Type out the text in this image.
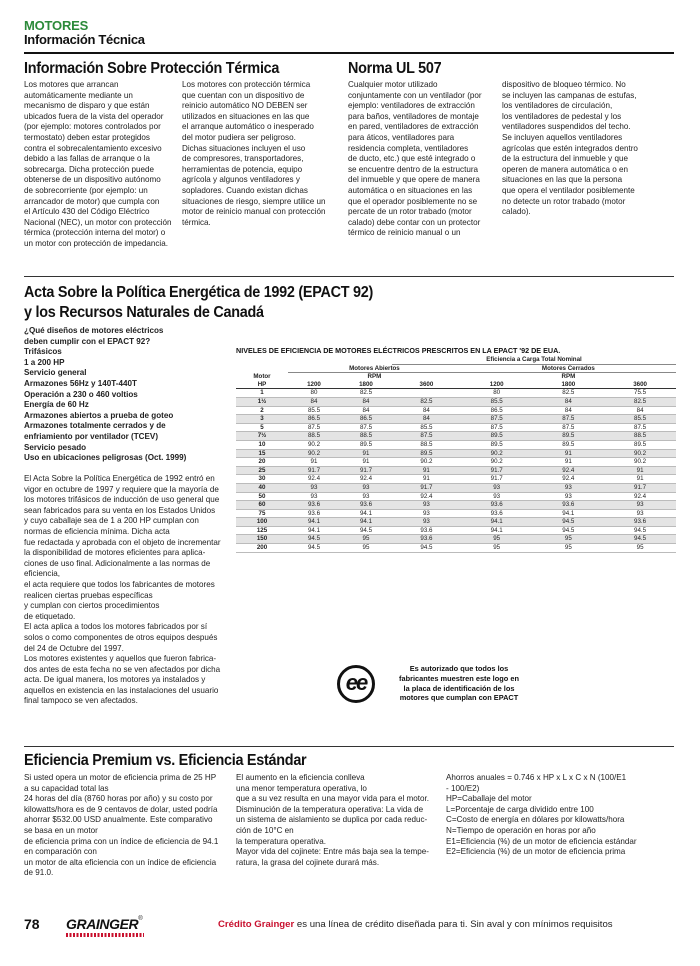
MOTORES
Información Técnica
Información Sobre Protección Térmica
Los motores que arrancan
automáticamente mediante un
mecanismo de disparo y que están
ubicados fuera de la vista del operador
(por ejemplo: motores controlados por
termostato) deben estar protegidos
contra el sobrecalentamiento excesivo
debido a las fallas de arranque o la
sobrecarga. Dicha protección puede
obtenerse de un dispositivo autónomo
de sobrecorriente (por ejemplo: un
arrancador de motor) que cumpla con
el Artículo 430 del Código Eléctrico
Nacional (NEC), un motor con protección
térmica (protección interna del motor) o
un motor con protección de impedancia.
Los motores con protección térmica
que cuentan con un dispositivo de
reinicio automático NO DEBEN ser
utilizados en situaciones en las que
el arranque automático o inesperado
del motor pudiera ser peligroso.
Dichas situaciones incluyen el uso
de compresores, transportadores,
herramientas de potencia, equipo
agrícola y algunos ventiladores y
sopladores. Cuando existan dichas
situaciones de riesgo, siempre utilice un
motor de reinicio manual con protección
térmica.
Norma UL 507
Cualquier motor utilizado
conjuntamente con un ventilador (por
ejemplo: ventiladores de extracción
para baños, ventiladores de montaje
en pared, ventiladores de extracción
para áticos, ventiladores para
residencia completa, ventiladores
de ducto, etc.) que esté integrado o
se encuentre dentro de la estructura
del inmueble y que opere de manera
automática o en situaciones en las
que el operador posiblemente no se
percate de un rotor trabado (motor
calado) debe contar con un protector
térmico de reinicio manual o un
dispositivo de bloqueo térmico. No
se incluyen las campanas de estufas,
los ventiladores de circulación,
los ventiladores de pedestal y los
ventiladores suspendidos del techo.
Se incluyen aquellos ventiladores
agrícolas que estén integrados dentro
de la estructura del inmueble y que
operen de manera automática o en
situaciones en las que la persona
que opera el ventilador posiblemente
no detecte un rotor trabado (motor
calado).
Acta Sobre la Política Energética de 1992 (EPACT 92)
y los Recursos Naturales de Canadá
¿Qué diseños de motores eléctricos
deben cumplir con el EPACT 92?
Trifásicos
1 a 200 HP
Servicio general
Armazones 56Hz y 140T-440T
Operación a 230 o 460 voltios
Energía de 60 Hz
Armazones abiertos a prueba de goteo
Armazones totalmente cerrados y de
enfriamiento por ventilador (TCEV)
Servicio pesado
Uso en ubicaciones peligrosas (Oct. 1999)
El Acta Sobre la Política Energética de 1992 entró en
vigor en octubre de 1997 y requiere que la mayoría de
los motores trifásicos de inducción de uso general que
sean fabricados para su venta en los Estados Unidos
y cuyo caballaje sea de 1 a 200 HP cumplan con
normas de eficiencia mínima. Dicha acta
fue redactada y aprobada con el objeto de incrementar
la disponibilidad de motores eficientes para aplica-
ciones de uso final. Adicionalmente a las normas de
eficiencia,
el acta requiere que todos los fabricantes de motores
realicen ciertas pruebas específicas
y cumplan con ciertos procedimientos
de etiquetado.
El acta aplica a todos los motores fabricados por sí
solos o como componentes de otros equipos después
del 24 de Octubre del 1997.
Los motores existentes y aquellos que fueron fabrica-
dos antes de esta fecha no se ven afectados por dicha
acta. De igual manera, los motores ya instalados y
aquellos en existencia en las instalaciones del usuario
final tampoco se ven afectados.
NIVELES DE EFICIENCIA DE MOTORES ELÉCTRICOS PRESCRITOS EN LA EPACT '92 DE EUA.
			Eficiencia a Carga Total Nominal			
	Motores Abiertos			Motores Cerrados		
Motor	RPM			RPM		
HP	1200	1800	3600	1200	1800	3600
1	80	82.5		80	82.5	75.5
1½	84	84	82.5	85.5	84	82.5
2	85.5	84	84	86.5	84	84
3	86.5	86.5	84	87.5	87.5	85.5
5	87.5	87.5	85.5	87.5	87.5	87.5
7½	88.5	88.5	87.5	89.5	89.5	88.5
10	90.2	89.5	88.5	89.5	89.5	89.5
15	90.2	91	89.5	90.2	91	90.2
20	91	91	90.2	90.2	91	90.2
25	91.7	91.7	91	91.7	92.4	91
30	92.4	92.4	91	91.7	92.4	91
40	93	93	91.7	93	93	91.7
50	93	93	92.4	93	93	92.4
60	93.6	93.6	93	93.6	93.6	93
75	93.6	94.1	93	93.6	94.1	93
100	94.1	94.1	93	94.1	94.5	93.6
125	94.1	94.5	93.6	94.1	94.5	94.5
150	94.5	95	93.6	95	95	94.5
200	94.5	95	94.5	95	95	95
ee
Es autorizado que todos los
fabricantes muestren este logo en
la placa de identificación de los
motores que cumplan con EPACT
Eficiencia Premium vs. Eficiencia Estándar
Si usted opera un motor de eficiencia prima de 25 HP
a su capacidad total las
24 horas del día (8760 horas por año) y su costo por
kilowatts/hora es de 9 centavos de dolar, usted podría
ahorrar $532.00 USD anualmente. Este comparativo
se basa en un motor
de eficiencia prima con un índice de eficiencia de 94.1
en comparación con
un motor de alta eficiencia con un índice de eficiencia
de 91.0.
El aumento en la eficiencia conlleva
una menor temperatura operativa, lo
que a su vez resulta en una mayor vida para el motor.
Disminución de la temperatura operativa: La vida de
un sistema de aislamiento se duplica por cada reduc-
ción de 10°C en
la temperatura operativa.
Mayor vida del cojinete: Entre más baja sea la tempe-
ratura, la grasa del cojinete durará más.
Ahorros anuales = 0.746 x HP x L x C x N (100/E1
- 100/E2)
HP=Caballaje del motor
L=Porcentaje de carga dividido entre 100
C=Costo de energía en dólares por kilowatts/hora
N=Tiempo de operación en horas por año
E1=Eficiencia (%) de un motor de eficiencia estándar
E2=Eficiencia (%) de un motor de eficiencia prima
78 GRAINGER®	Crédito Grainger es una línea de crédito diseñada para ti. Sin aval y con mínimos requisitos
